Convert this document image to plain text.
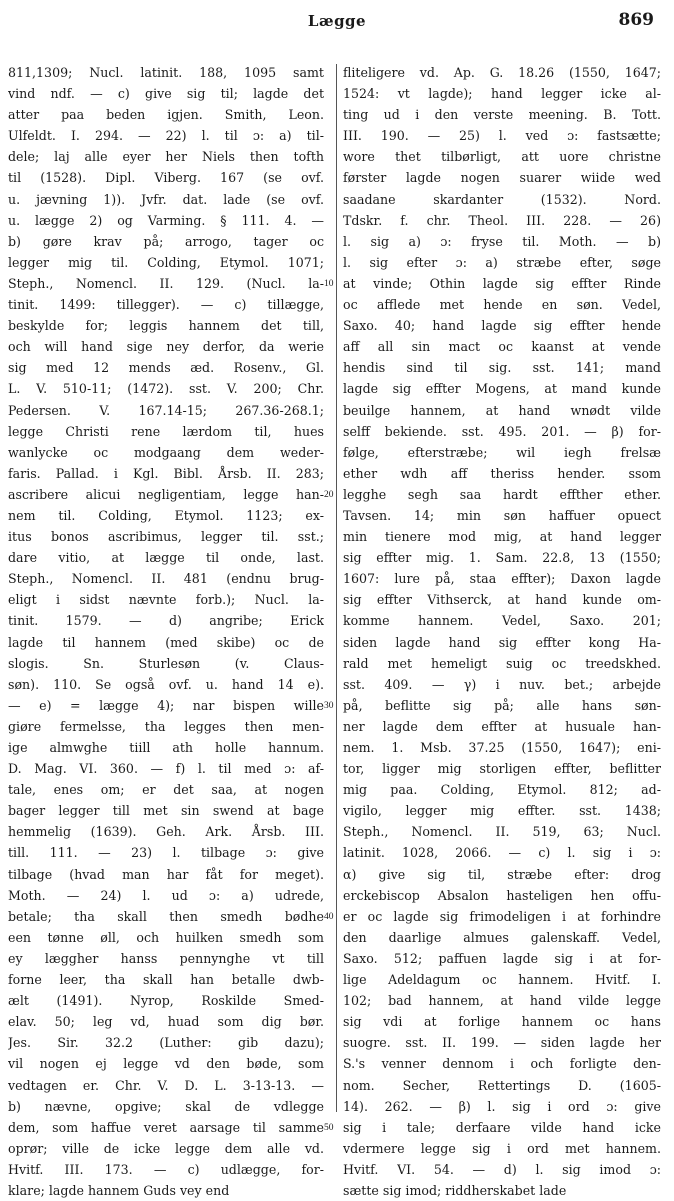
Lægge	869
811,1309; Nucl. latinit. 188, 1095 samt
vind ndf. — c) give sig til; lagde det
atter paa beden igjen. Smith, Leon.
Ulfeldt. I. 294. — 22) l. til ɔ: a) til-
dele; laj alle eyer her Niels then tofth
til (1528). Dipl. Viberg. 167 (se ovf.
u. jævning 1)). Jvfr. dat. lade (se ovf.
u. lægge 2) og Varming. § 111. 4. —
b) gøre krav på; arrogo, tager oc
legger mig til. Colding, Etymol. 1071;
Steph., Nomencl. II. 129. (Nucl. la-
tinit. 1499: tillegger). — c) tillægge,
beskylde for; leggis hannem det till,
och will hand sige ney derfor, da werie
sig med 12 mends æd. Rosenv., Gl.
L. V. 510-11; (1472). sst. V. 200; Chr.
Pedersen. V. 167.14-15; 267.36-268.1;
legge Christi rene lærdom til, hues
wanlycke oc modgaang dem weder-
faris. Pallad. i Kgl. Bibl. Årsb. II. 283;
ascribere alicui negligentiam, legge han-
nem til. Colding, Etymol. 1123; ex-
itus bonos ascribimus, legger til. sst.;
dare vitio, at lægge til onde, last.
Steph., Nomencl. II. 481 (endnu brug-
eligt i sidst nævnte forb.); Nucl. la-
tinit. 1579. — d) angribe; Erick
lagde til hannem (med skibe) oc de
slogis. Sn. Sturlesøn (v. Claus-
søn). 110. Se også ovf. u. hand 14 e).
— e) = lægge 4); nar bispen wille
giøre fermelsse, tha legges then men-
ige almwghe tiill ath holle hannum.
D. Mag. VI. 360. — f) l. til med ɔ: af-
tale, enes om; er det saa, at nogen
bager legger till met sin swend at bage
hemmelig (1639). Geh. Ark. Årsb. III.
till. 111. — 23) l. tilbage ɔ: give
tilbage (hvad man har fåt for meget).
Moth. — 24) l. ud ɔ: a) udrede,
betale; tha skall then smedh bødhe
een tønne øll, och huilken smedh som
ey læggher hanss pennynghe vt till
forne leer, tha skall han betalle dwb-
ælt (1491). Nyrop, Roskilde Smed-
elav. 50; leg vd, huad som dig bør.
Jes. Sir. 32.2 (Luther: gib dazu);
vil nogen ej legge vd den bøde, som
vedtagen er. Chr. V. D. L. 3-13-13. —
b) nævne, opgive; skal de vdlegge
dem, som haffue veret aarsage til samme
oprør; ville de icke legge dem alle vd.
Hvitf. III. 173. — c) udlægge, for-
klare; lagde hannem Guds vey end
10
20
30
40
50
fliteligere vd. Ap. G. 18.26 (1550, 1647;
1524: vt lagde); hand legger icke al-
ting ud i den verste meening. B. Tott.
III. 190. — 25) l. ved ɔ: fastsætte;
wore thet tilbørligt, att uore christne
førster lagde nogen suarer wiide wed
saadane skardanter (1532). Nord.
Tdskr. f. chr. Theol. III. 228. — 26)
l. sig a) ɔ: fryse til. Moth. — b)
l. sig efter ɔ: a) stræbe efter, søge
at vinde; Othin lagde sig effter Rinde
oc afflede met hende en søn. Vedel,
Saxo. 40; hand lagde sig effter hende
aff all sin mact oc kaanst at vende
hendis sind til sig. sst. 141; mand
lagde sig effter Mogens, at mand kunde
beuilge hannem, at hand wnødt vilde
selff bekiende. sst. 495. 201. — β) for-
følge, efterstræbe; wil iegh frelsæ
ether wdh aff theriss hender. ssom
legghe segh saa hardt effther ether.
Tavsen. 14; min søn haffuer opuect
min tienere mod mig, at hand legger
sig effter mig. 1. Sam. 22.8, 13 (1550;
1607: lure på, staa effter); Daxon lagde
sig effter Vithserck, at hand kunde om-
komme hannem. Vedel, Saxo. 201;
siden lagde hand sig effter kong Ha-
rald met hemeligt suig oc treedskhed.
sst. 409. — γ) i nuv. bet.; arbejde
på, beflitte sig på; alle hans søn-
ner lagde dem effter at husuale han-
nem. 1. Msb. 37.25 (1550, 1647); eni-
tor, ligger mig storligen effter, beflitter
mig paa. Colding, Etymol. 812; ad-
vigilo, legger mig effter. sst. 1438;
Steph., Nomencl. II. 519, 63; Nucl.
latinit. 1028, 2066. — c) l. sig i ɔ:
α) give sig til, stræbe efter: drog
erckebiscop Absalon hasteligen hen offu-
er oc lagde sig frimodeligen i at forhindre
den daarlige almues galenskaff. Vedel,
Saxo. 512; paffuen lagde sig i at for-
lige Adeldagum oc hannem. Hvitf. I.
102; bad hannem, at hand vilde legge
sig vdi at forlige hannem oc hans
suogre. sst. II. 199. — siden lagde her
S.'s venner dennom i och forligte den-
nom. Secher, Rettertings D. (1605-
14). 262. — β) l. sig i ord ɔ: give
sig i tale; derfaare vilde hand icke
vdermere legge sig i ord met hannem.
Hvitf. VI. 54. — d) l. sig imod ɔ:
sætte sig imod; riddherskabet lade
